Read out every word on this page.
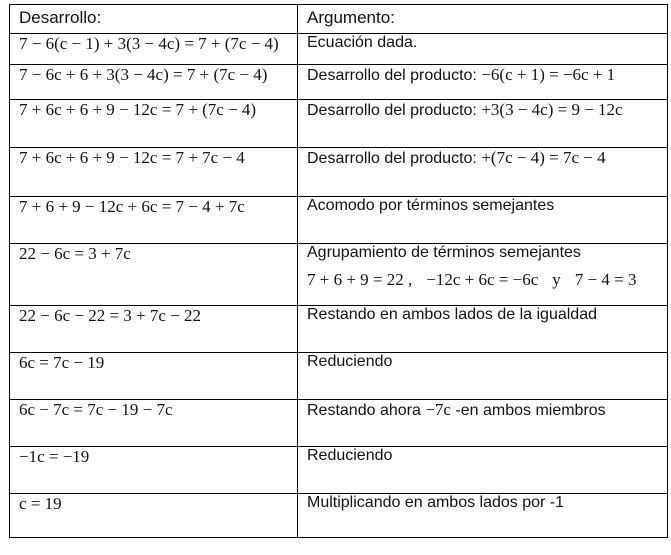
Desarrollo:	Argumento:
7 − 6(c − 1) + 3(3 − 4c) = 7 + (7c − 4)	Ecuación dada.
7 − 6c + 6 + 3(3 − 4c) = 7 + (7c − 4)	Desarrollo del producto: −6(c + 1) = −6c + 1
7 + 6c + 6 + 9 − 12c = 7 + (7c − 4)	Desarrollo del producto: +3(3 − 4c) = 9 − 12c
7 + 6c + 6 + 9 − 12c = 7 + 7c − 4	Desarrollo del producto: +(7c − 4) = 7c − 4
7 + 6 + 9 − 12c + 6c = 7 − 4 + 7c	Acomodo por términos semejantes
22 − 6c = 3 + 7c	Agrupamiento de términos semejantes
7 + 6 + 9 = 22 , −12c + 6c = −6c y 7 − 4 = 3

22 − 6c − 22 = 3 + 7c − 22	Restando en ambos lados de la igualdad
6c = 7c − 19	Reduciendo
6c − 7c = 7c − 19 − 7c	Restando ahora −7c -en ambos miembros
−1c = −19	Reduciendo
c = 19	Multiplicando en ambos lados por -1
